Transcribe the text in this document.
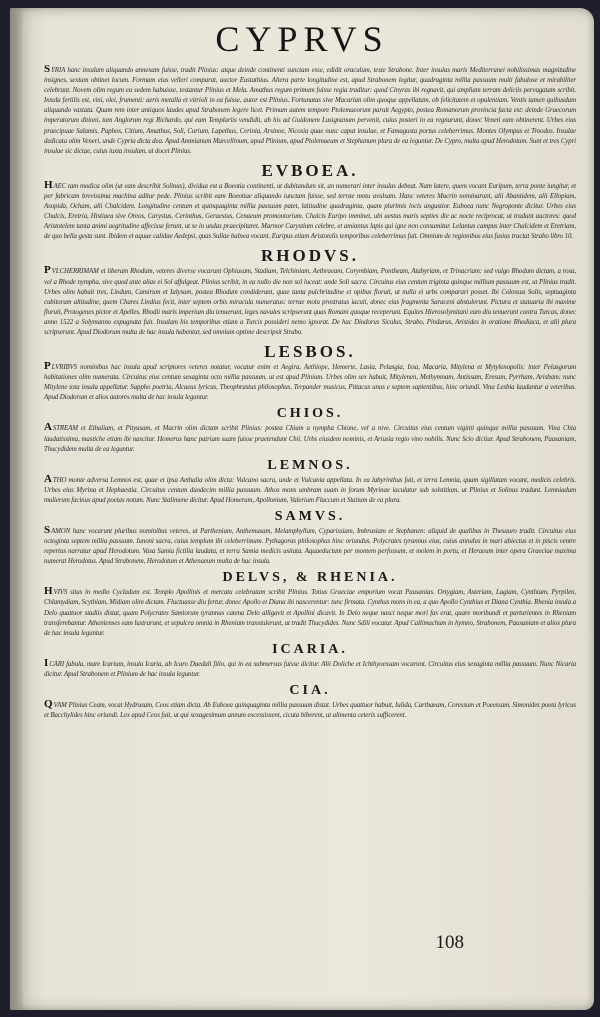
CYPRVS

SYRIA hanc insulam aliquando annexam fuisse, tradit Plinius: atque deinde continenti sunctam esse, edidit oraculum, teste Strabone. Inter insulas maris Mediterranei nobilissimas magnitudine insignes, sextum obtinet locum. Formam eius velleri comparat, auctor Eustathius. Altera parte longitudine est, apud Strabonem legitur, quadraginta millia passuum multi fabulose et mirabiliter celebrant. Novem olim regum ea sedem habuisse, testantur Plinius et Mela. Amathus regum primum fuisse regia traditur: quod Cinyras ibi regnavit, qui ampliam terram deliciis pervagatam scribit. Insula fertilis est, vini, olei, frumenti: aeris metalla et vitrioli in ea fuisse, autor est Plinius. Fortunatas sive Macarian olim quoque appellatam, ob felicitatem et opulentiam. Ventis tamen quibusdam aliquando vastata. Quam rem inter antiquos laudes apud Strabonem legere licet. Primum autem tempore Ptolemaeorum paruit Aegypto, postea Romanorum provincia facta est: deinde Graecorum imperatorum ditioni, tum Anglorum regi Richardo, qui eam Templariis vendidit, ab his ad Guidonem Lusignanum pervenit, cuius posteri in ea regnarunt, donec Veneti eam obtinerent. Urbes eius praecipuae Salamis, Paphos, Citium, Amathus, Soli, Curium, Lapethus, Cerinia, Arsinoe, Nicosia quae nunc caput insulae, et Famagusta portus celeberrimus. Montes Olympus et Troodos. Insulae dedicata olim Veneri, unde Cypria dicta dea. Apud Ammianum Marcellinum, apud Plinium, apud Ptolemaeum et Stephanum plura de ea leguntur. De Cypro, multa apud Herodotum. Sunt et tres Cypri insulae sic dictae, cuius iuxta insulam, ut docet Plinius.

EVBOEA.

HAEC tam modica olim (ut eam describit Solinus), dividua est a Boeotia continenti, ut dubitandum sit, an numerari inter insulas debeat. Nam latere, quem vocant Euripum, terra ponte iungitur, et per fabricam brevissima machina aditur pede. Plinius scribit eam Boeotiae aliquando iunctam fuisse, sed terrae motu avulsam. Hanc veteres Macrin nominarunt, alii Abantidem, alii Ellopiam, Asopida, Ocham, alii Chalcidem. Longitudine centum et quinquaginta millia passuum patet, latitudine quadraginta, quam plurimis locis angustior. Euboea nunc Negroponte dicitur. Urbes eius Chalcis, Eretria, Histiaea sive Oreos, Carystus, Cerinthus, Geraestus, Cenaeum promontorium. Chalcis Euripo imminet, ubi aestus maris septies die ac nocte reciprocat, ut tradunt auctores: quod Aristotelem tanta animi aegritudine affecisse ferunt, ut se in undas praecipitaret. Marmor Carystium celebre, et amiantus lapis qui igne non consumitur. Lelantus campus inter Chalcidem et Eretriam, de quo bella gesta sunt. Ibidem et aquae calidae Aedepsi, quas Sullae balnea vocant. Euripus etiam Aristotelis temporibus celeberrimus fuit. Omnium de regionibus eius fusius tractat Strabo libro 10.

RHODVS.

PVLCHERRIMAM et liberam Rhodum, veteres diverse vocarunt Ophiusam, Stadiam, Telchiniam, Aethraeam, Corymbiam, Pontheam, Atabyriam, et Trinacriam: sed vulgo Rhodum dictam, a rosa, vel a Rhode nympha, sive quod ante alias ei Sol affulgeat. Plinius scribit, in ea nullo die non sol luceat: unde Soli sacra. Circuitus eius centum triginta quinque millium passuum est, ut Plinius tradit. Urbes olim habuit tres, Lindum, Camirum et Ialysum, postea Rhodum condiderunt, quae tanta pulchritudine et opibus floruit, ut nulla ei urbs comparari posset. Ibi Colossus Solis, septuaginta cubitorum altitudine, quem Chares Lindius fecit, inter septem orbis miracula numeratus: terrae motu prostratus iacuit, donec eius fragmenta Saraceni abstulerunt. Pictura et statuaria ibi maxime floruit, Protogenes pictor et Apelles. Rhodii maris imperium diu tenuerunt, leges navales scripserunt quas Romani quoque receperunt. Equites Hierosolymitani eam diu tenuerunt contra Turcas, donec anno 1522 a Solymanno expugnata fuit. Insulam his temporibus etiam a Turcis possideri nemo ignorat. De hac Diodorus Siculus, Strabo, Pindarus, Aristides in oratione Rhodiaca, et alii plura scripserunt. Apud Diodorum multa de hac insula habentur, sed omnium optime descripsit Strabo.

LESBOS.

PLVRIBVS nominibus hac insula apud scriptores veteres notatur, vocatur enim et Aegira, Aethiope, Hemerte, Lasia, Pelasgia, Issa, Macaria, Mitylena et Mytylenopolis: inter Pelasgorum habitationes olim numerata. Circuitus eius centum sexaginta octo millia passuum, ut est apud Plinium. Urbes olim sex habuit, Mitylenen, Methymnam, Antissam, Eresum, Pyrrham, Arisbam: nunc Mitylene tota insula appellatur. Sappho poetria, Alcaeus lyricus, Theophrastus philosophus, Terpander musicus, Pittacus unus e septem sapientibus, hinc oriundi. Vina Lesbia laudantur a veteribus. Apud Diodorum et alios autores multa de hac insula leguntur.

CHIOS.

ASTREAM et Ethaliam, et Pityusam, et Macrin olim dictam scribit Plinius: postea Chium a nympha Chione, vel a nive. Circuitus eius centum viginti quinque millia passuum. Vina Chia laudatissima, mastiche etiam ibi nascitur. Homerus hanc patriam suam fuisse praetendunt Chii. Urbs eiusdem nominis, et Ariusia regio vino nobilis. Nunc Scio dicitur. Apud Strabonem, Pausaniam, Thucydidem multa de ea leguntur.

LEMNOS.

ATHO monte adversa Lemnos est, quae et ipsa Aethalia olim dicta: Vulcano sacra, unde et Vulcania appellata. In ea labyrinthus fuit, et terra Lemnia, quam sigillatam vocant, medicis celebris. Urbes eius Myrina et Hephaestia. Circuitus centum duodecim millia passuum. Athos mons umbram suam in forum Myrinae iaculatur sub solstitium, ut Plinius et Solinus tradunt. Lemniadum mulierum facinus apud poetas notum. Nunc Stalimene dicitur. Apud Homerum, Apollonium, Valerium Flaccum et Statium de ea plura.

SAMVS.

SAMON hanc vocarunt pluribus nominibus veteres, ut Parthenium, Anthemusam, Melamphyllum, Cyparissiam, Imbrasiam et Stephanen: aliquid de qualibus in Thesauro tradit. Circuitus eius octoginta septem millia passuum. Iunoni sacra, cuius templum ibi celeberrimum. Pythagoras philosophus hinc oriundus. Polycrates tyrannus eius, cuius annulus in mari abiectus et in piscis ventre repertus narratur apud Herodotum. Vasa Samia fictilia laudata, et terra Samia medicis usitata. Aquaeductum per montem perfossum, et molem in portu, et Heraeum inter opera Graeciae maxima numerat Herodotus. Apud Strabonem, Herodotum et Athenaeum multa de hac insula.

DELVS, & RHENIA.

HVIVS situs in medio Cycladum est. Templo Apollinis et mercatu celebratam scribit Plinius. Totius Graeciae emporium vocat Pausanias. Ortygiam, Asteriam, Lagiam, Cynthiam, Pyrpilen, Chlamydiam, Scythiam, Midiam olim dictam. Fluctuasse diu fertur, donec Apollo et Diana ibi nascerentur: tunc firmata. Cynthus mons in ea, a quo Apollo Cynthius et Diana Cynthia. Rhenia insula a Delo quattuor stadiis distat, quam Polycrates Samiorum tyrannus catena Delo alligavit et Apollini dicavit. In Delo neque nasci neque mori fas erat, quare moribundi et parturientes in Rheniam transferebantur. Athenienses eam lustrarunt, et sepulcra omnia in Rheniam transtulerunt, ut tradit Thucydides. Nunc Sdili vocatur. Apud Callimachum in hymno, Strabonem, Pausaniam et alios plura de hac insula leguntur.

ICARIA.

ICARI fabula, mare Icarium, insula Icaria, ab Icaro Daedali filio, qui in ea submersus fuisse dicitur. Alii Doliche et Ichthyoessam vocarunt. Circuitus eius sexaginta millia passuum. Nunc Nicaria dicitur. Apud Strabonem et Plinium de hac insula leguntur.

CIA.

QVAM Plinius Ceam, vocat Hydrusam, Ceos etiam dicta. Ab Euboea quinquaginta millia passuum distat. Urbes quattuor habuit, Iulida, Carthaeam, Coressum et Poeessam. Simonides poeta lyricus et Bacchylides hinc oriundi. Lex apud Ceos fuit, ut qui sexagesimum annum excessissent, cicuta biberent, ut alimenta ceteris sufficerent.

108
